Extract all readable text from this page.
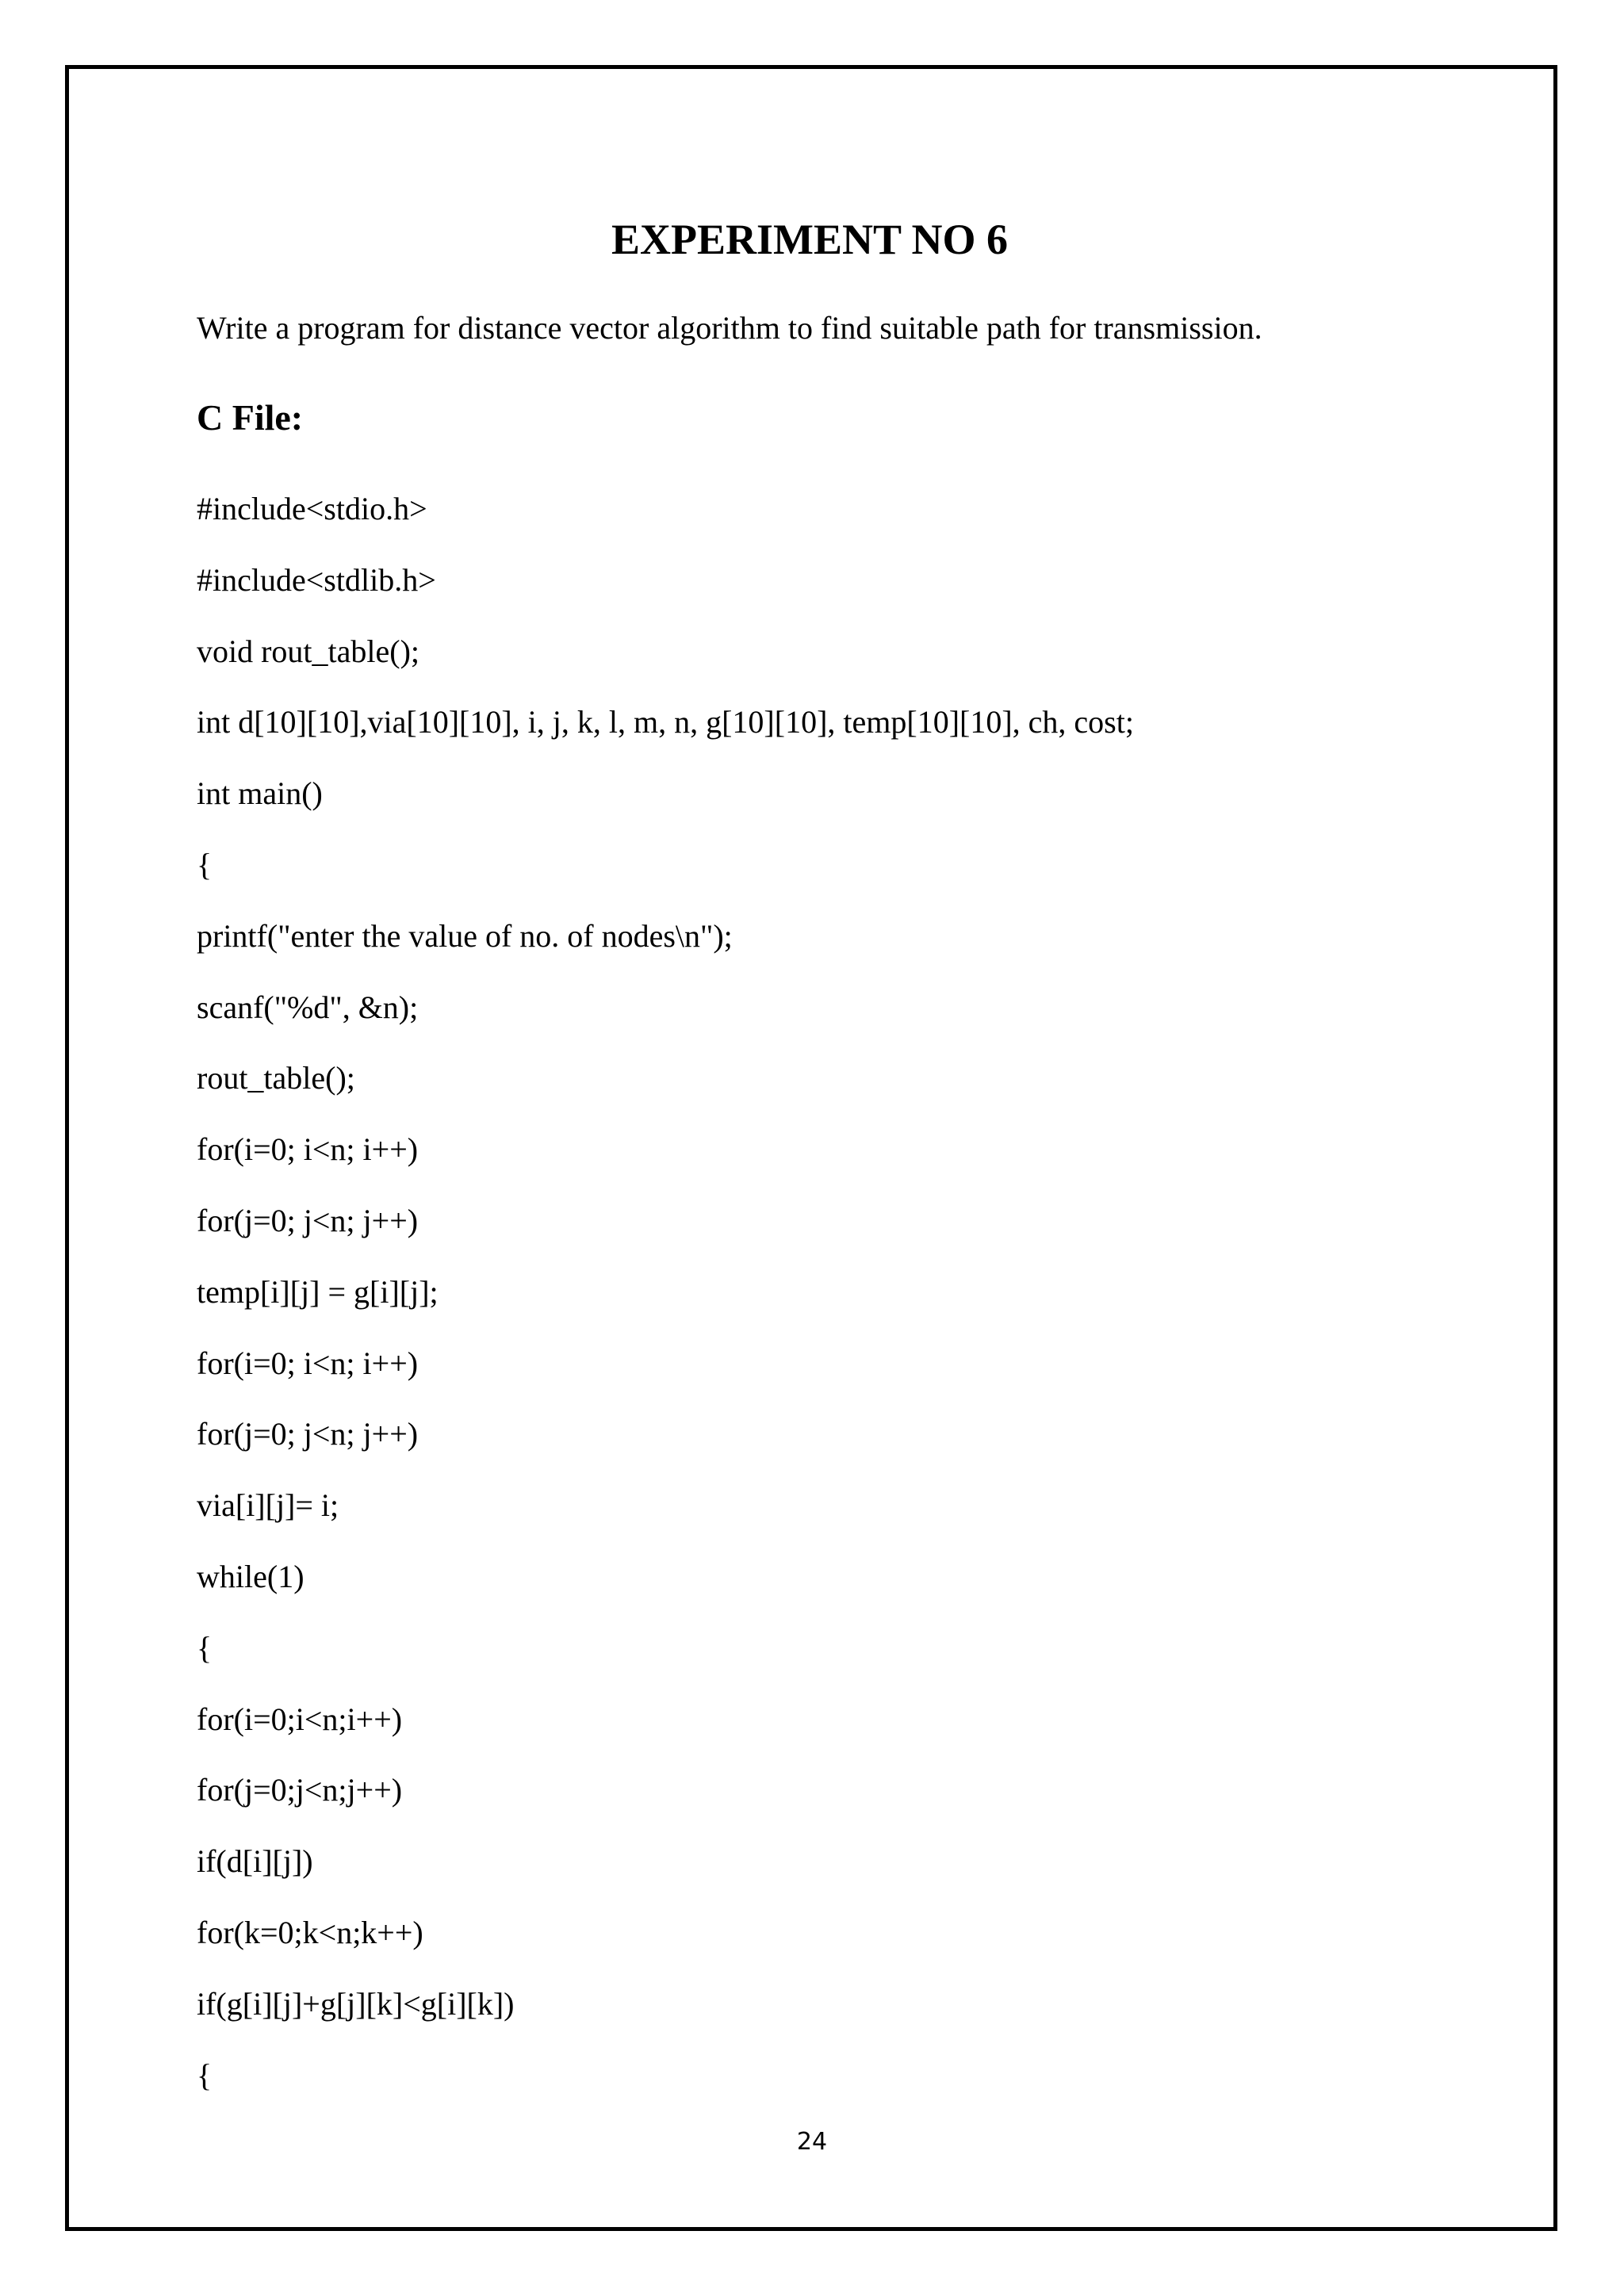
EXPERIMENT NO 6

Write a program for distance vector algorithm to find suitable path for transmission.

C File:
#include<stdio.h>
#include<stdlib.h>
void rout_table();
int d[10][10],via[10][10], i, j, k, l, m, n, g[10][10], temp[10][10], ch, cost;
int main()
{
printf("enter the value of no. of nodes\n");
scanf("%d", &n);
rout_table();
for(i=0; i<n; i++)
for(j=0; j<n; j++)
temp[i][j] = g[i][j];
for(i=0; i<n; i++)
for(j=0; j<n; j++)
via[i][j]= i;
while(1)
{
for(i=0;i<n;i++)
for(j=0;j<n;j++)
if(d[i][j])
for(k=0;k<n;k++)
if(g[i][j]+g[j][k]<g[i][k])
{
24
